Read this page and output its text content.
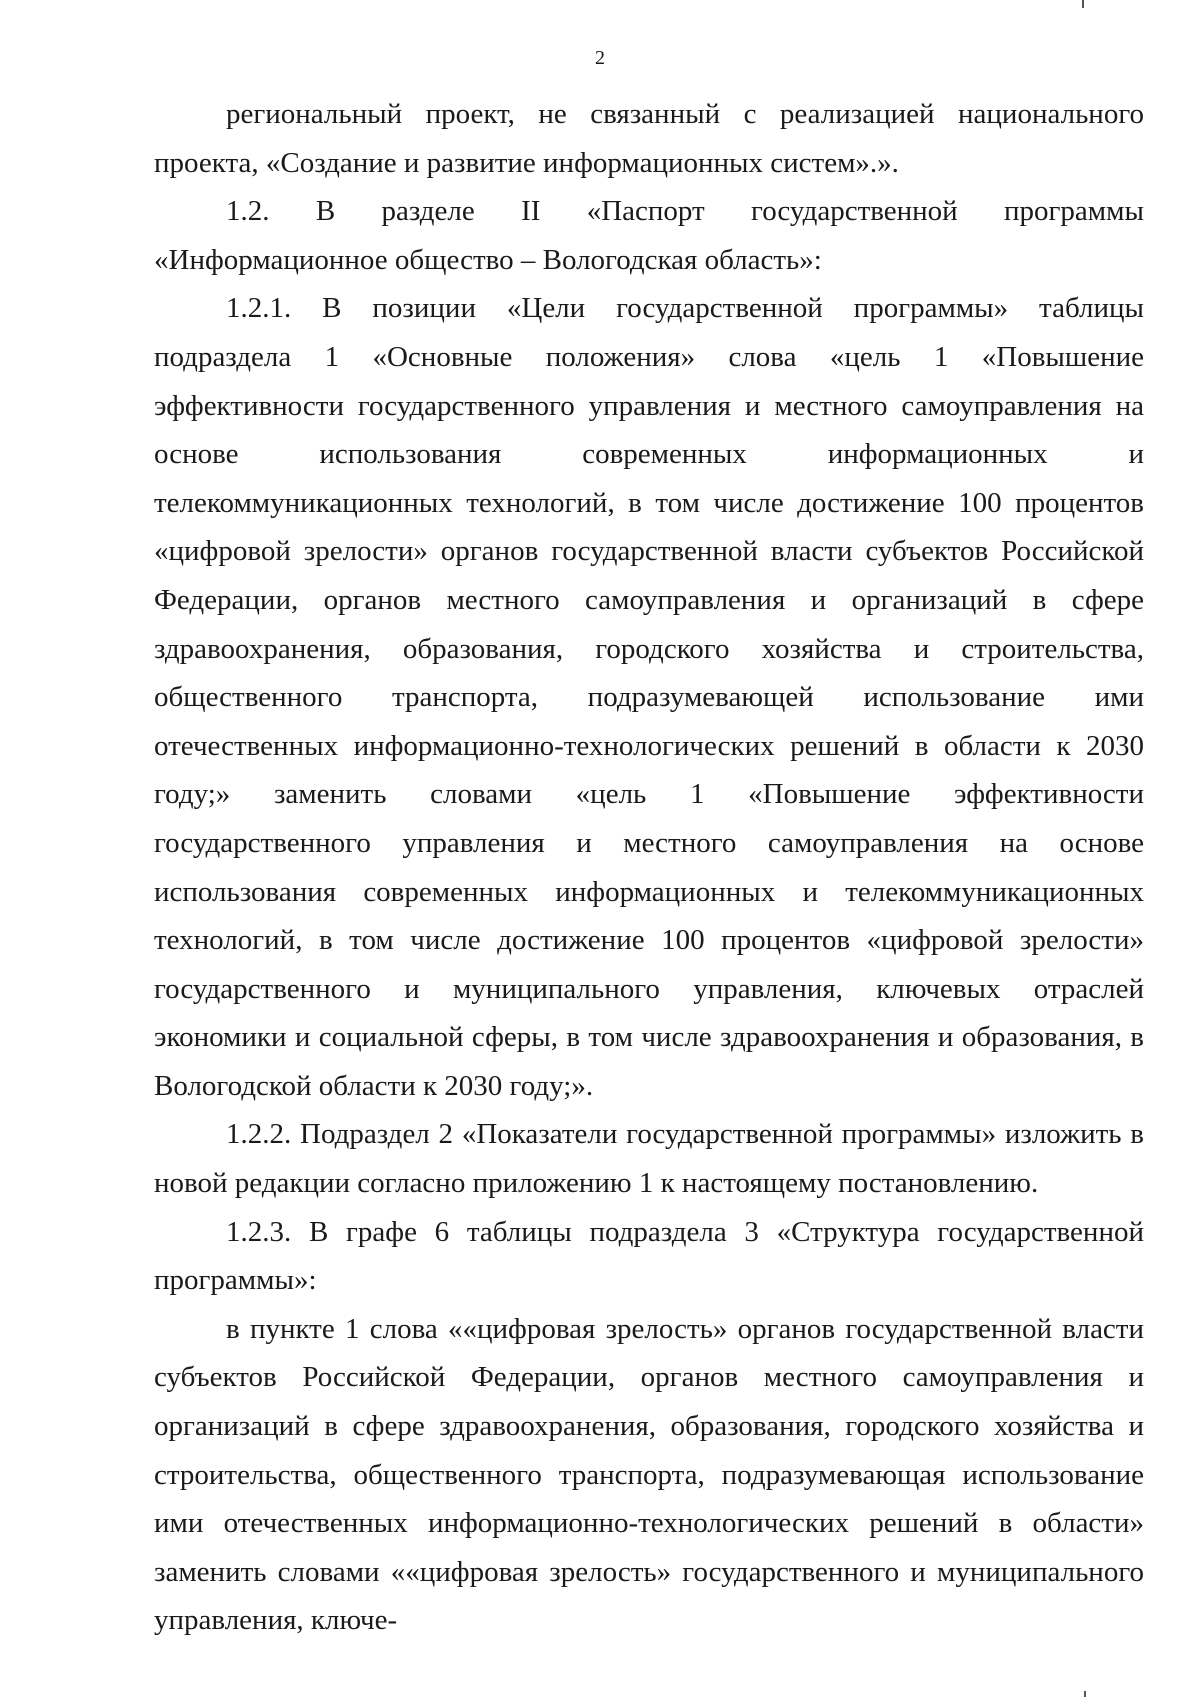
2

региональный проект, не связанный с реализацией национального проекта, «Создание и развитие информационных систем».».

1.2. В разделе II «Паспорт государственной программы «Информационное общество – Вологодская область»:

1.2.1. В позиции «Цели государственной программы» таблицы подраздела 1 «Основные положения» слова «цель 1 «Повышение эффективности государственного управления и местного самоуправления на основе использования современных информационных и телекоммуникационных технологий, в том числе достижение 100 процентов «цифровой зрелости» органов государственной власти субъектов Российской Федерации, органов местного самоуправления и организаций в сфере здравоохранения, образования, городского хозяйства и строительства, общественного транспорта, подразумевающей использование ими отечественных информационно-технологических решений в области к 2030 году;» заменить словами «цель 1 «Повышение эффективности государственного управления и местного самоуправления на основе использования современных информационных и телекоммуникационных технологий, в том числе достижение 100 процентов «цифровой зрелости» государственного и муниципального управления, ключевых отраслей экономики и социальной сферы, в том числе здравоохранения и образования, в Вологодской области к 2030 году;».

1.2.2. Подраздел 2 «Показатели государственной программы» изложить в новой редакции согласно приложению 1 к настоящему постановлению.

1.2.3. В графе 6 таблицы подраздела 3 «Структура государственной программы»:

в пункте 1 слова ««цифровая зрелость» органов государственной власти субъектов Российской Федерации, органов местного самоуправления и организаций в сфере здравоохранения, образования, городского хозяйства и строительства, общественного транспорта, подразумевающая использование ими отечественных информационно-технологических решений в области» заменить словами ««цифровая зрелость» государственного и муниципального управления, ключе-
